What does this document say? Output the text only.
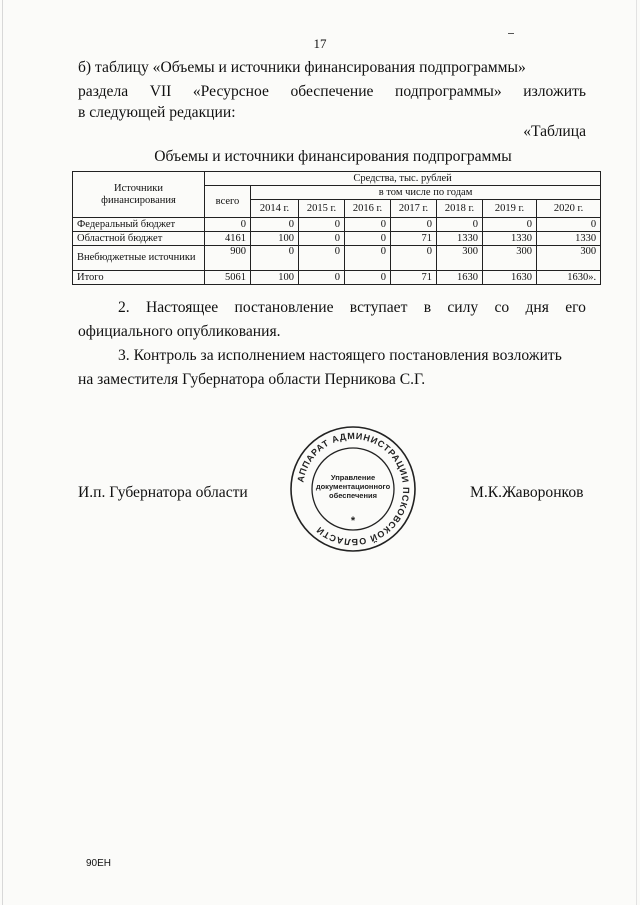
17
б) таблицу «Объемы и источники финансирования подпрограммы»
раздела VII «Ресурсное обеспечение подпрограммы» изложить
в следующей редакции:
«Таблица
Объемы и источники финансирования подпрограммы
Источники финансирования	Средства, тыс. рублей							
	всего	в том числе по годам						
		2014 г.	2015 г.	2016 г.	2017 г.	2018 г.	2019 г.	2020 г.
Федеральный бюджет	0	0	0	0	0	0	0	0
Областной бюджет	4161	100	0	0	71	1330	1330	1330
Внебюджетные источники	900	0	0	0	0	300	300	300
Итого	5061	100	0	0	71	1630	1630	1630».
2. Настоящее постановление вступает в силу со дня его
официального опубликования.
3. Контроль за исполнением настоящего постановления возложить
на заместителя Губернатора области Перникова С.Г.
И.п. Губернатора области	М.К.Жаворонков
АППАРАТ АДМИНИСТРАЦИИ ПСКОВСКОЙ ОБЛАСТИ
Управление
документационного
обеспечения
*
90ЕН
